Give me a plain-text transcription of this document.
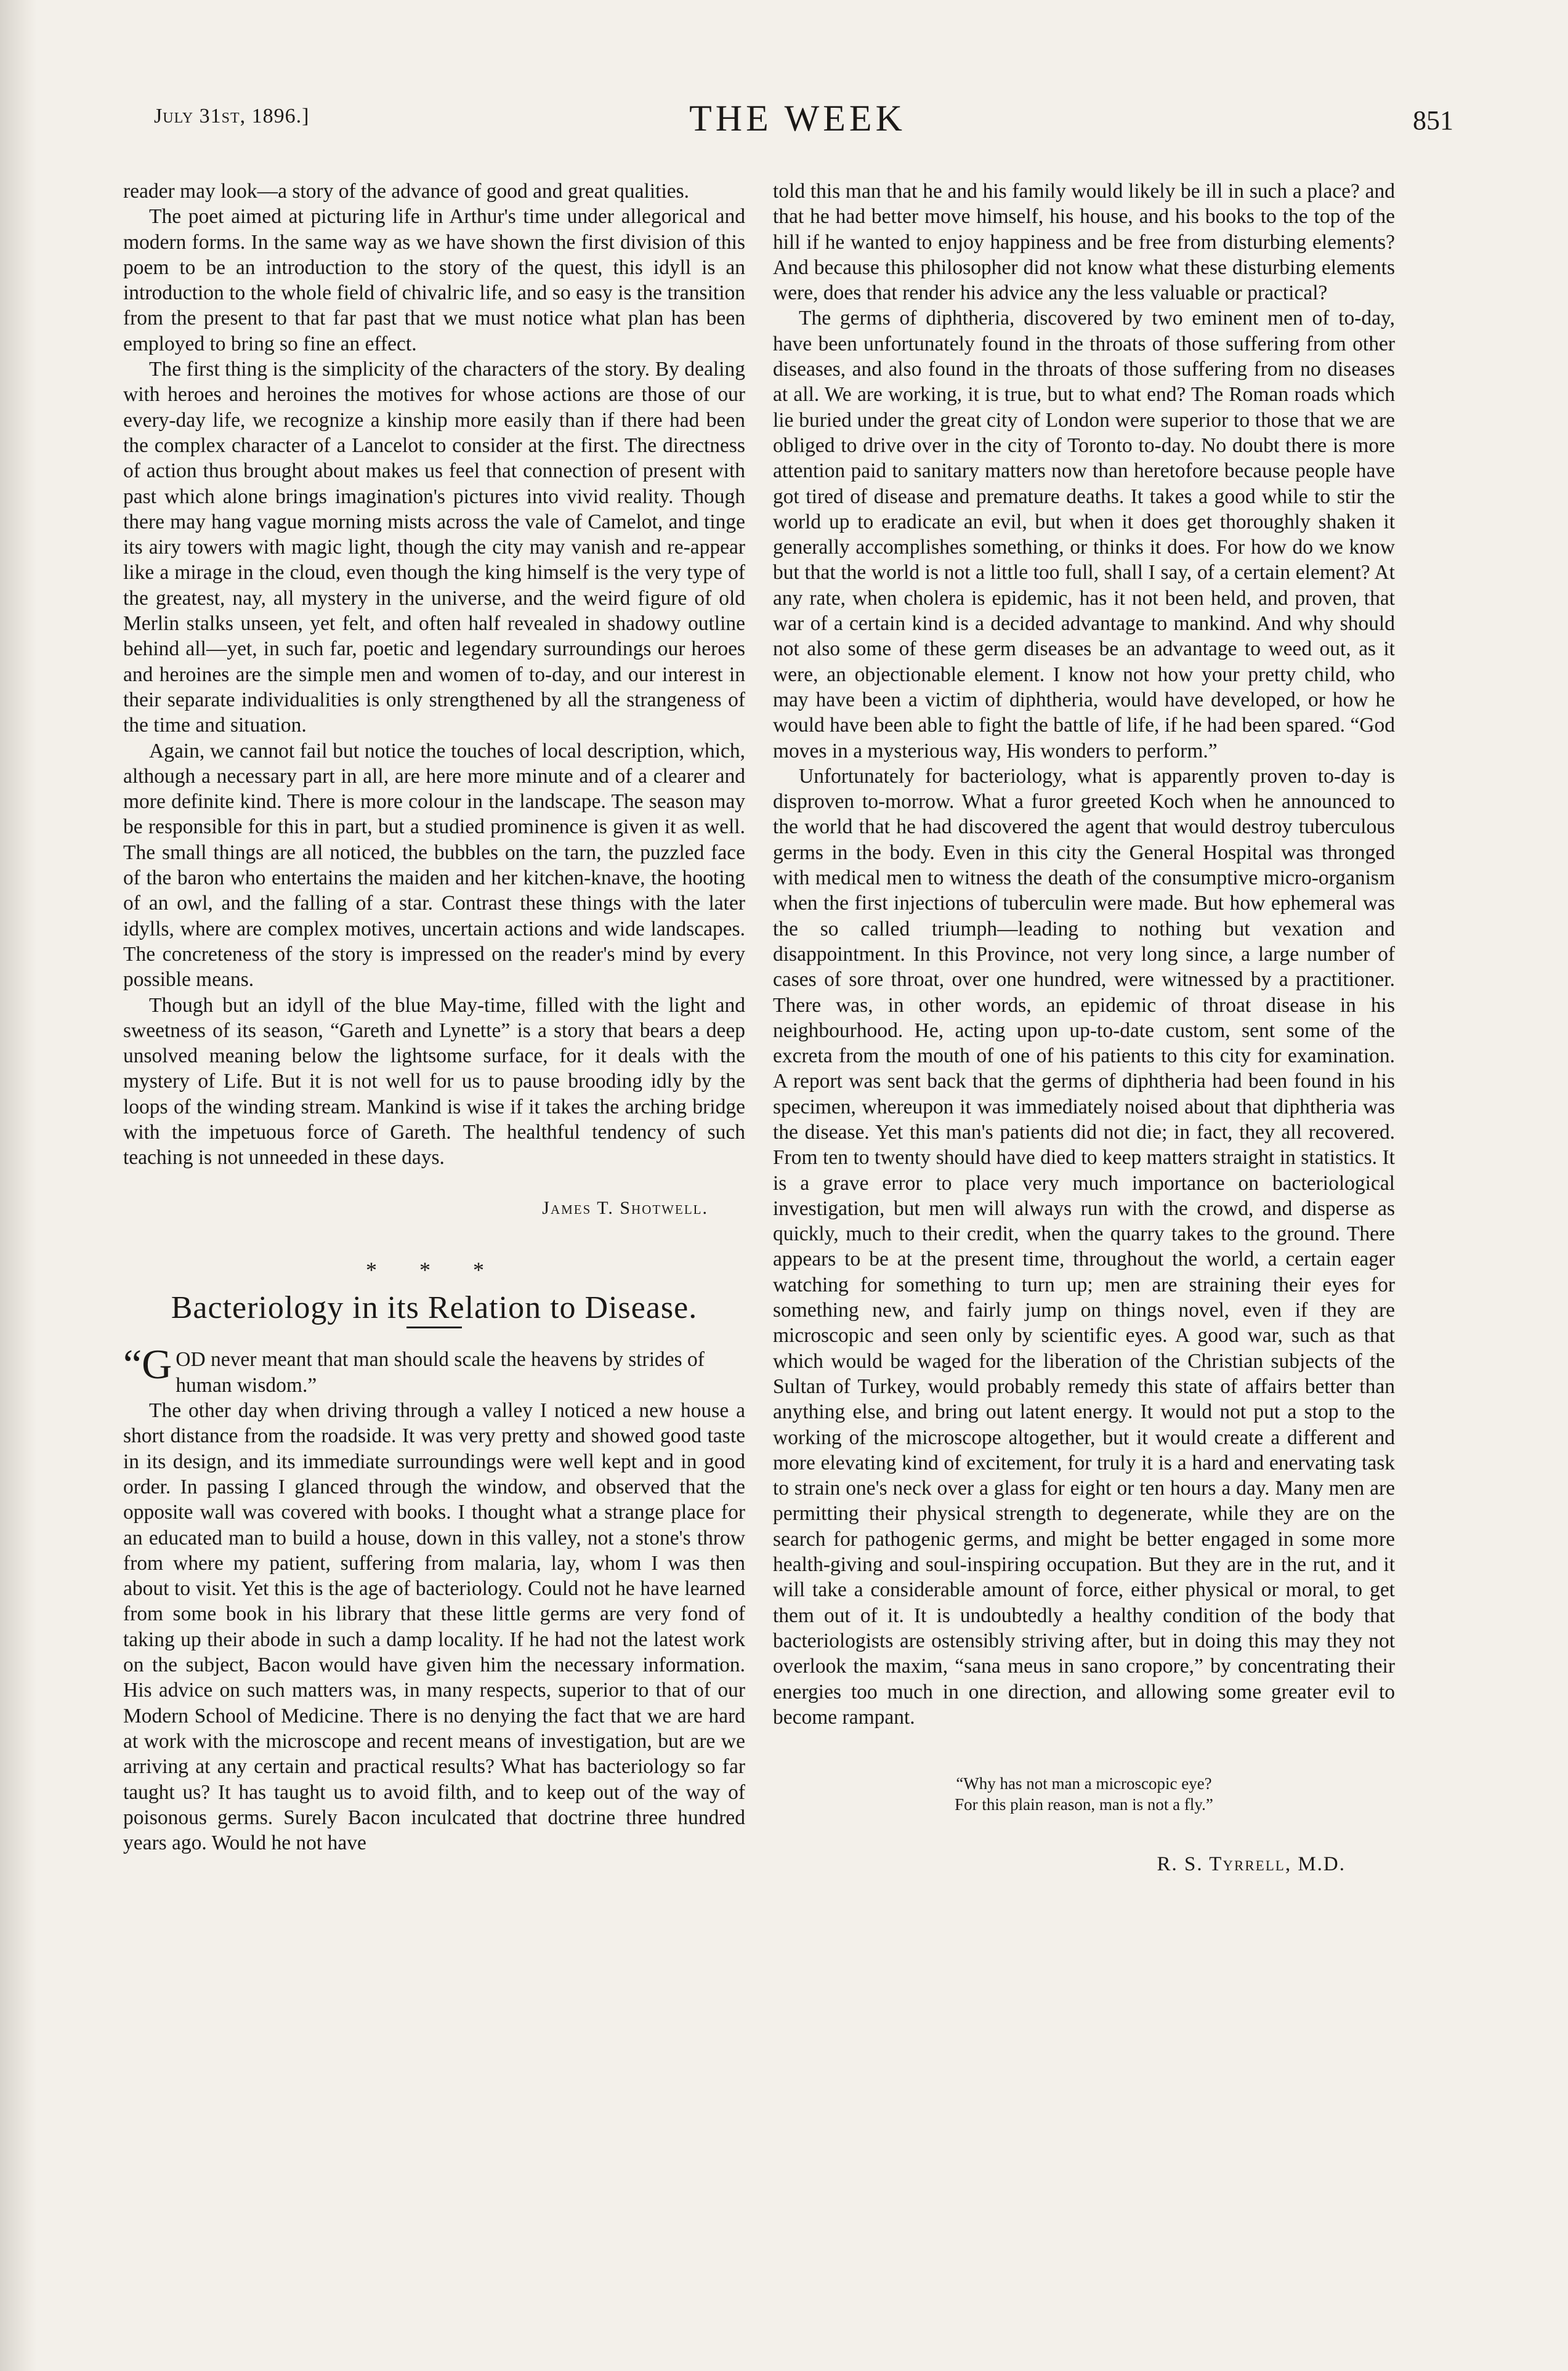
July 31st, 1896.]	THE WEEK	851

reader may look—a story of the advance of good and great qualities.

The poet aimed at picturing life in Arthur's time under allegorical and modern forms. In the same way as we have shown the first division of this poem to be an introduction to the story of the quest, this idyll is an introduction to the whole field of chivalric life, and so easy is the transition from the present to that far past that we must notice what plan has been employed to bring so fine an effect.

The first thing is the simplicity of the characters of the story. By dealing with heroes and heroines the motives for whose actions are those of our every-day life, we recognize a kinship more easily than if there had been the complex character of a Lancelot to consider at the first. The directness of action thus brought about makes us feel that connection of present with past which alone brings imagination's pictures into vivid reality. Though there may hang vague morning mists across the vale of Camelot, and tinge its airy towers with magic light, though the city may vanish and re-appear like a mirage in the cloud, even though the king himself is the very type of the greatest, nay, all mystery in the universe, and the weird figure of old Merlin stalks unseen, yet felt, and often half revealed in shadowy outline behind all—yet, in such far, poetic and legendary surroundings our heroes and heroines are the simple men and women of to-day, and our interest in their separate individualities is only strengthened by all the strangeness of the time and situation.

Again, we cannot fail but notice the touches of local description, which, although a necessary part in all, are here more minute and of a clearer and more definite kind. There is more colour in the landscape. The season may be responsible for this in part, but a studied prominence is given it as well. The small things are all noticed, the bubbles on the tarn, the puzzled face of the baron who entertains the maiden and her kitchen-knave, the hooting of an owl, and the falling of a star. Contrast these things with the later idylls, where are complex motives, uncertain actions and wide landscapes. The concreteness of the story is impressed on the reader's mind by every possible means.

Though but an idyll of the blue May-time, filled with the light and sweetness of its season, “Gareth and Lynette” is a story that bears a deep unsolved meaning below the lightsome surface, for it deals with the mystery of Life. But it is not well for us to pause brooding idly by the loops of the winding stream. Mankind is wise if it takes the arching bridge with the impetuous force of Gareth. The healthful tendency of such teaching is not unneeded in these days.

James T. Shotwell.
* * *
Bacteriology in its Relation to Disease.

“GOD never meant that man should scale the heavens by strides of human wisdom.”

The other day when driving through a valley I noticed a new house a short distance from the roadside. It was very pretty and showed good taste in its design, and its immediate surroundings were well kept and in good order. In passing I glanced through the window, and observed that the opposite wall was covered with books. I thought what a strange place for an educated man to build a house, down in this valley, not a stone's throw from where my patient, suffering from malaria, lay, whom I was then about to visit. Yet this is the age of bacteriology. Could not he have learned from some book in his library that these little germs are very fond of taking up their abode in such a damp locality. If he had not the latest work on the subject, Bacon would have given him the necessary information. His advice on such matters was, in many respects, superior to that of our Modern School of Medicine. There is no denying the fact that we are hard at work with the microscope and recent means of investigation, but are we arriving at any certain and practical results? What has bacteriology so far taught us? It has taught us to avoid filth, and to keep out of the way of poisonous germs. Surely Bacon inculcated that doctrine three hundred years ago. Would he not have

told this man that he and his family would likely be ill in such a place? and that he had better move himself, his house, and his books to the top of the hill if he wanted to enjoy happiness and be free from disturbing elements? And because this philosopher did not know what these disturbing elements were, does that render his advice any the less valuable or practical?

The germs of diphtheria, discovered by two eminent men of to-day, have been unfortunately found in the throats of those suffering from other diseases, and also found in the throats of those suffering from no diseases at all. We are working, it is true, but to what end? The Roman roads which lie buried under the great city of London were superior to those that we are obliged to drive over in the city of Toronto to-day. No doubt there is more attention paid to sanitary matters now than heretofore because people have got tired of disease and premature deaths. It takes a good while to stir the world up to eradicate an evil, but when it does get thoroughly shaken it generally accomplishes something, or thinks it does. For how do we know but that the world is not a little too full, shall I say, of a certain element? At any rate, when cholera is epidemic, has it not been held, and proven, that war of a certain kind is a decided advantage to mankind. And why should not also some of these germ diseases be an advantage to weed out, as it were, an objectionable element. I know not how your pretty child, who may have been a victim of diphtheria, would have developed, or how he would have been able to fight the battle of life, if he had been spared. “God moves in a mysterious way, His wonders to perform.”

Unfortunately for bacteriology, what is apparently proven to-day is disproven to-morrow. What a furor greeted Koch when he announced to the world that he had discovered the agent that would destroy tuberculous germs in the body. Even in this city the General Hospital was thronged with medical men to witness the death of the consumptive micro-organism when the first injections of tuberculin were made. But how ephemeral was the so called triumph—leading to nothing but vexation and disappointment. In this Province, not very long since, a large number of cases of sore throat, over one hundred, were witnessed by a practitioner. There was, in other words, an epidemic of throat disease in his neighbourhood. He, acting upon up-to-date custom, sent some of the excreta from the mouth of one of his patients to this city for examination. A report was sent back that the germs of diphtheria had been found in his specimen, whereupon it was immediately noised about that diphtheria was the disease. Yet this man's patients did not die; in fact, they all recovered. From ten to twenty should have died to keep matters straight in statistics. It is a grave error to place very much importance on bacteriological investigation, but men will always run with the crowd, and disperse as quickly, much to their credit, when the quarry takes to the ground. There appears to be at the present time, throughout the world, a certain eager watching for something to turn up; men are straining their eyes for something new, and fairly jump on things novel, even if they are microscopic and seen only by scientific eyes. A good war, such as that which would be waged for the liberation of the Christian subjects of the Sultan of Turkey, would probably remedy this state of affairs better than anything else, and bring out latent energy. It would not put a stop to the working of the microscope altogether, but it would create a different and more elevating kind of excitement, for truly it is a hard and enervating task to strain one's neck over a glass for eight or ten hours a day. Many men are permitting their physical strength to degenerate, while they are on the search for pathogenic germs, and might be better engaged in some more health-giving and soul-inspiring occupation. But they are in the rut, and it will take a considerable amount of force, either physical or moral, to get them out of it. It is undoubtedly a healthy condition of the body that bacteriologists are ostensibly striving after, but in doing this may they not overlook the maxim, “sana meus in sano cropore,” by concentrating their energies too much in one direction, and allowing some greater evil to become rampant.

“Why has not man a microscopic eye?
For this plain reason, man is not a fly.”
R. S. Tyrrell, M.D.
